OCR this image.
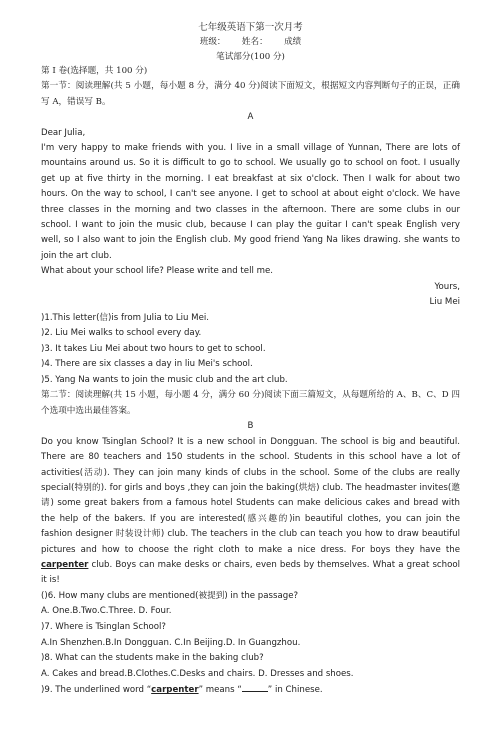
七年级英语下第一次月考
班级：      姓名：      成绩
笔试部分(100 分)

第 I 卷(选择题，共 100 分)

第一节：阅读理解(共 5 小题，每小题 8 分，满分 40 分)阅读下面短文，根据短文内容判断句子的正误，正确写 A，错误写 B。

A

Dear Julia,

I'm very happy to make friends with you. I live in a small village of Yunnan, There are lots of mountains around us. So it is difficult to go to school. We usually go to school on foot. I usually get up at five thirty in the morning. I eat breakfast at six o'clock. Then I walk for about two hours. On the way to school, I can't see anyone. I get to school at about eight o'clock. We have three classes in the morning and two classes in the afternoon. There are some clubs in our school. I want to join the music club, because I can play the guitar I can't speak English very well, so I also want to join the English club. My good friend Yang Na likes drawing. she wants to join the art club.

What about your school life? Please write and tell me.

Yours,
Liu Mei

)1.This letter(信)is from Julia to Liu Mei.

)2. Liu Mei walks to school every day.

)3. It takes Liu Mei about two hours to get to school.

)4. There are six classes a day in liu Mei's school.

)5. Yang Na wants to join the music club and the art club.

第二节：阅读理解(共 15 小题，每小题 4 分，满分 60 分)阅读下面三篇短文，从每题所给的 A、B、C、D 四个选项中选出最佳答案。

B

Do you know Tsinglan School? It is a new school in Dongguan. The school is big and beautiful. There are 80 teachers and 150 students in the school. Students in this school have a lot of activities(活动). They can join many kinds of clubs in the school. Some of the clubs are really special(特别的). for girls and boys ,they can join the baking(烘焙) club. The headmaster invites(邀请) some great bakers from a famous hotel Students can make delicious cakes and bread with the help of the bakers. If you are interested(感兴趣的)in beautiful clothes, you can join the fashion designer 时装设计师) club. The teachers in the club can teach you how to draw beautiful pictures and how to choose the right cloth to make a nice dress. For boys they have the carpenter club. Boys can make desks or chairs, even beds by themselves. What a great school it is!

()6. How many clubs are mentioned(被提到) in the passage?

A. One.B.Two.C.Three. D. Four.

)7. Where is Tsinglan School?

A.In Shenzhen.B.In Dongguan. C.In Beijing.D. In Guangzhou.

)8. What can the students make in the baking club?

A. Cakes and bread.B.Clothes.C.Desks and chairs. D. Dresses and shoes.

)9. The underlined word “carpenter” means “	” in Chinese.
